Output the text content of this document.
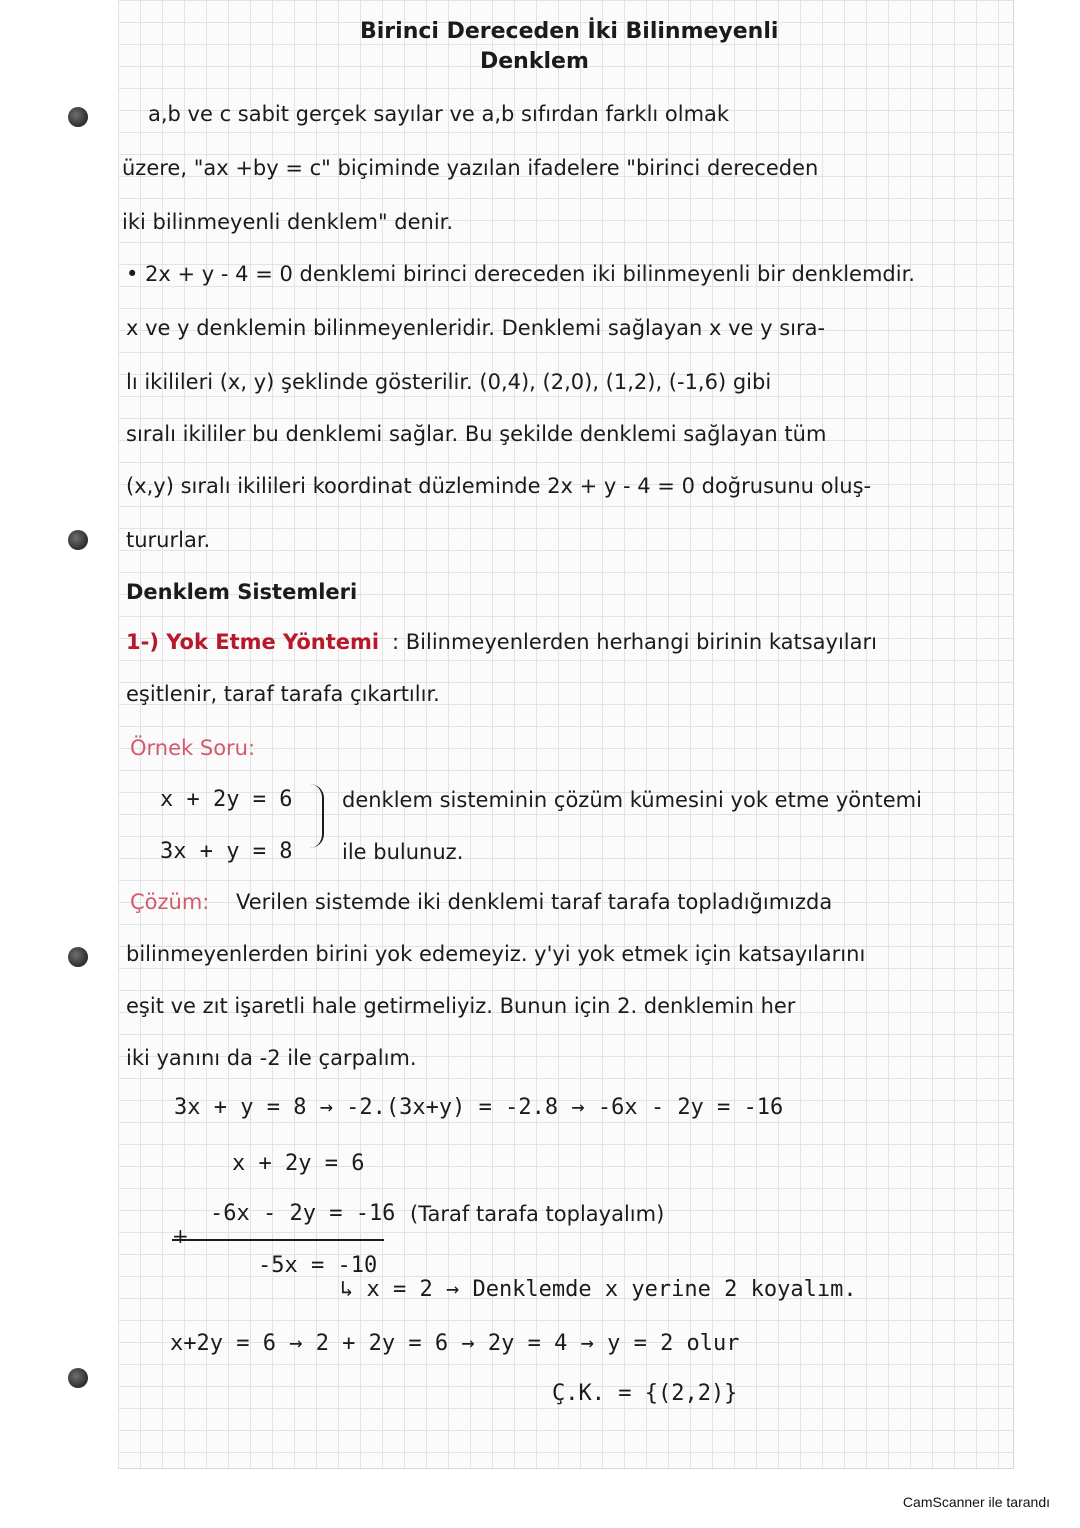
Birinci Dereceden İki Bilinmeyenli
Denklem
a,b ve c sabit gerçek sayılar ve a,b sıfırdan farklı olmak
üzere, "ax +by = c" biçiminde yazılan ifadelere "birinci dereceden
iki bilinmeyenli denklem" denir.
• 2x + y - 4 = 0 denklemi birinci dereceden iki bilinmeyenli bir denklemdir.
x ve y denklemin bilinmeyenleridir. Denklemi sağlayan x ve y sıra-
lı ikilileri (x, y) şeklinde gösterilir. (0,4), (2,0), (1,2), (-1,6) gibi
sıralı ikililer bu denklemi sağlar. Bu şekilde denklemi sağlayan tüm
(x,y) sıralı ikilileri koordinat düzleminde 2x + y - 4 = 0 doğrusunu oluş-
tururlar.
Denklem Sistemleri
1-) Yok Etme Yöntemi : Bilinmeyenlerden herhangi birinin katsayıları
eşitlenir, taraf tarafa çıkartılır.
Örnek Soru:
x + 2y = 6
3x + y = 8
denklem sisteminin çözüm kümesini yok etme yöntemi
ile bulunuz.
Çözüm: Verilen sistemde iki denklemi taraf tarafa topladığımızda
bilinmeyenlerden birini yok edemeyiz. y'yi yok etmek için katsayılarını
eşit ve zıt işaretli hale getirmeliyiz. Bunun için 2. denklemin her
iki yanını da -2 ile çarpalım.
3x + y = 8 → -2.(3x+y) = -2.8 → -6x - 2y = -16
x + 2y = 6
-6x - 2y = -16 (Taraf tarafa toplayalım)
+
-5x = -10
↳ x = 2 → Denklemde x yerine 2 koyalım.
x+2y = 6 → 2 + 2y = 6 → 2y = 4 → y = 2 olur
Ç.K. = {(2,2)}
CamScanner ile tarandı
